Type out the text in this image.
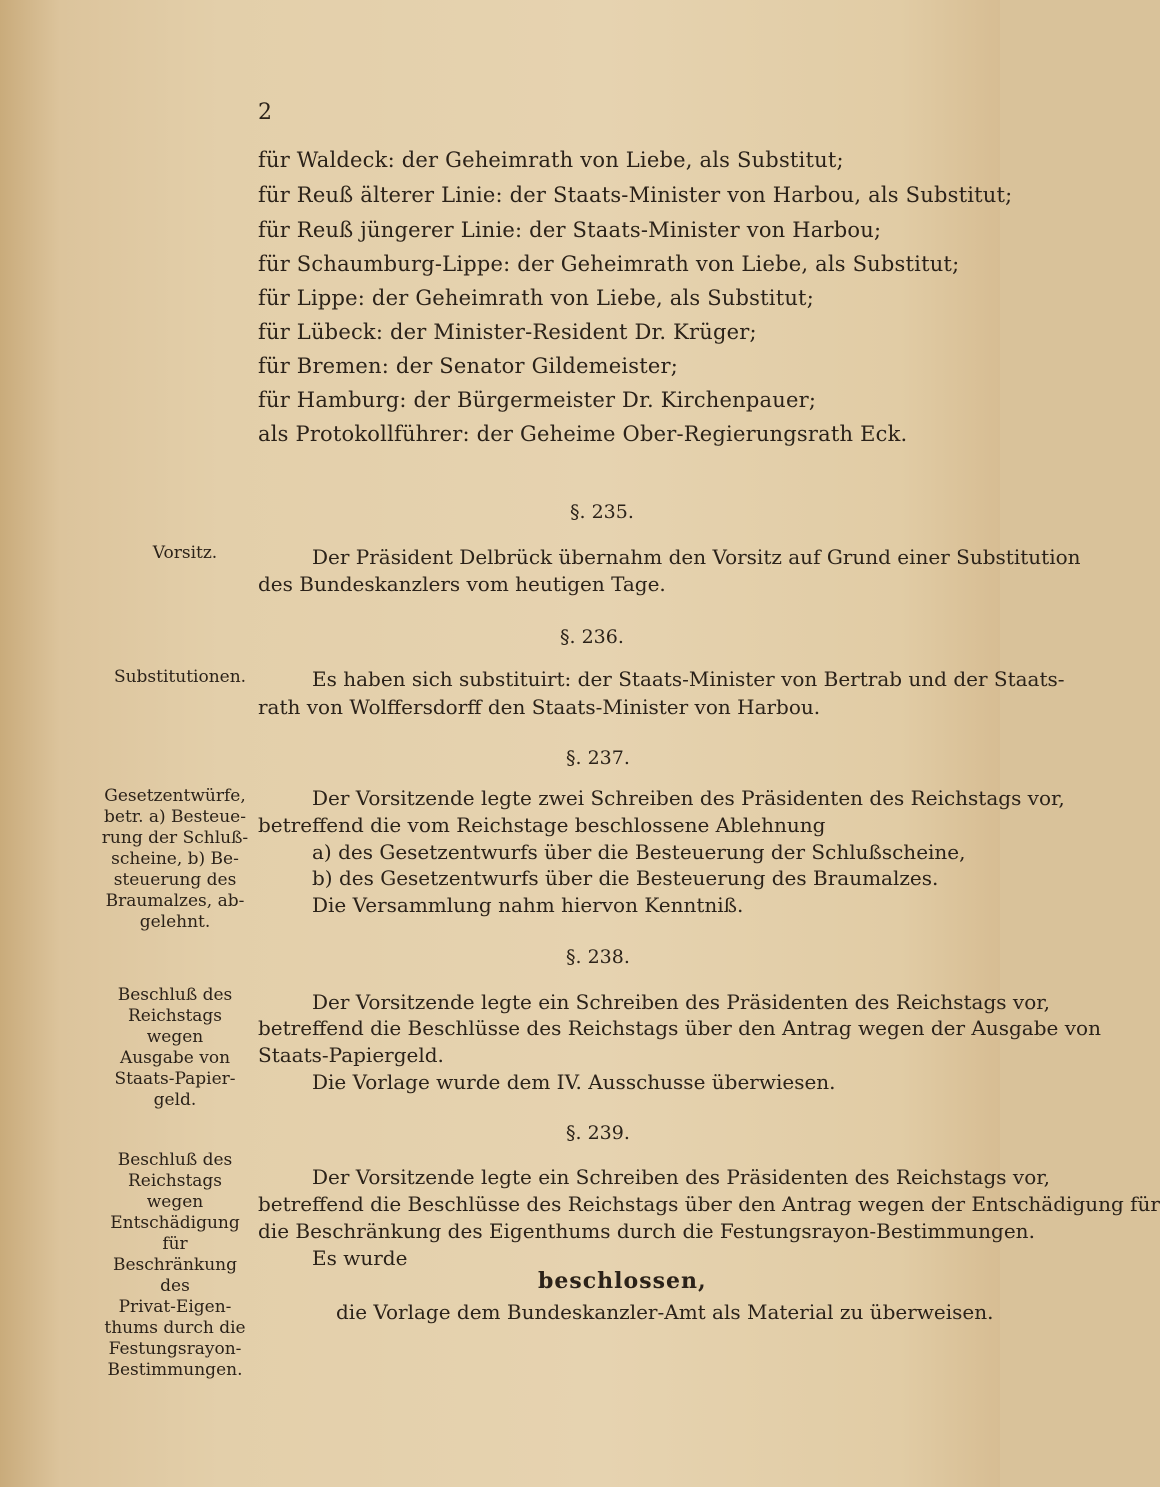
2
für Waldeck: der Geheimrath von Liebe, als Substitut;
für Reuß älterer Linie: der Staats-Minister von Harbou, als Substitut;
für Reuß jüngerer Linie: der Staats-Minister von Harbou;
für Schaumburg-Lippe: der Geheimrath von Liebe, als Substitut;
für Lippe: der Geheimrath von Liebe, als Substitut;
für Lübeck: der Minister-Resident Dr. Krüger;
für Bremen: der Senator Gildemeister;
für Hamburg: der Bürgermeister Dr. Kirchenpauer;
als Protokollführer: der Geheime Ober-Regierungsrath Eck.
§. 235.
Vorsitz.	Der Präsident Delbrück übernahm den Vorsitz auf Grund einer Substitution
des Bundeskanzlers vom heutigen Tage.
§. 236.
Substitutionen.	Es haben sich substituirt: der Staats-Minister von Bertrab und der Staats-
rath von Wolffersdorff den Staats-Minister von Harbou.
§. 237.
Gesetzentwürfe,
betr. a) Besteue-
rung der Schluß-
scheine, b) Be-
steuerung des
Braumalzes, ab-
gelehnt.
Der Vorsitzende legte zwei Schreiben des Präsidenten des Reichstags vor,
betreffend die vom Reichstage beschlossene Ablehnung
a) des Gesetzentwurfs über die Besteuerung der Schlußscheine,
b) des Gesetzentwurfs über die Besteuerung des Braumalzes.
Die Versammlung nahm hiervon Kenntniß.
§. 238.
Beschluß des
Reichstags wegen
Ausgabe von
Staats-Papier-
geld.
Der Vorsitzende legte ein Schreiben des Präsidenten des Reichstags vor,
betreffend die Beschlüsse des Reichstags über den Antrag wegen der Ausgabe von
Staats-Papiergeld.
Die Vorlage wurde dem IV. Ausschusse überwiesen.
§. 239.
Beschluß des
Reichstags wegen
Entschädigung für
Beschränkung des
Privat-Eigen-
thums durch die
Festungsrayon-
Bestimmungen.
Der Vorsitzende legte ein Schreiben des Präsidenten des Reichstags vor,
betreffend die Beschlüsse des Reichstags über den Antrag wegen der Entschädigung für
die Beschränkung des Eigenthums durch die Festungsrayon-Bestimmungen.
Es wurde
beschlossen,
die Vorlage dem Bundeskanzler-Amt als Material zu überweisen.
